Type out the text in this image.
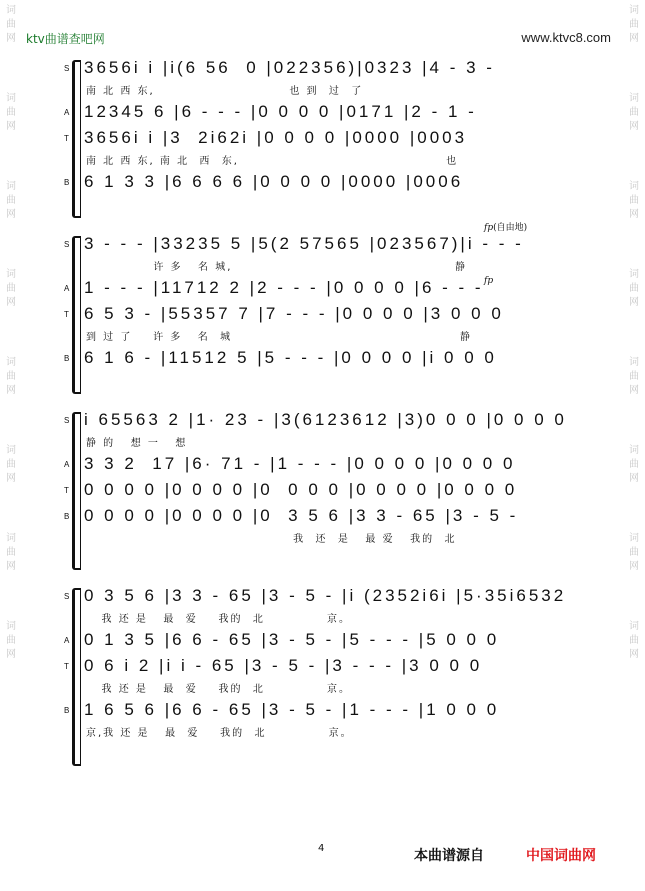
词
曲
网
词
曲
网
词
曲
网
词
曲
网
词
曲
网
词
曲
网
词
曲
网
词
曲
网
词
曲
网
词
曲
网
词
曲
网
词
曲
网
词
曲
网
词
曲
网
词
曲
网
词
曲
网
ktv曲谱查吧网	www.ktvc8.com
S 3656i i |i(6 56  0 |022356)|0323 |4 - 3 -
南 北 西 东,                          也 到  过  了
A 12345 6 |6 - - - |0 0 0 0 |0171 |2 - 1 -
T 3656i i |3  2i62i |0 0 0 0 |0000 |0003
南 北 西 东, 南 北  西  东,                                        也
B 6 1 3 3 |6 6 6 6 |0 0 0 0 |0000 |0006
fp(自由地)
S 3 - - - |33235 5 |5(2 57565 |023567)|i - - -
许 多   名 城,                                           静
fp
A 1 - - - |11712 2 |2 - - - |0 0 0 0 |6 - - -
T 6 5 3 - |55357 7 |7 - - - |0 0 0 0 |3 0 0 0
到 过 了    许 多   名  城                                            静
B 6 1 6 - |11512 5 |5 - - - |0 0 0 0 |i 0 0 0
S i 65563 2 |1· 23 - |3(6123612 |3)0 0 0 |0 0 0 0
静 的   想 一   想
A 3 3 2  17 |6· 71 - |1 - - - |0 0 0 0 |0 0 0 0
T 0 0 0 0 |0 0 0 0 |0  0 0 0 |0 0 0 0 |0 0 0 0
B 0 0 0 0 |0 0 0 0 |0  3 5 6 |3 3 - 65 |3 - 5 -
我  还  是   最 爱   我的  北
S 0 3 5 6 |3 3 - 65 |3 - 5 - |i (2352i6i |5·35i6532
我 还 是   最  爱    我的  北            京。
A 0 1 3 5 |6 6 - 65 |3 - 5 - |5 - - - |5 0 0 0
T 0 6 i 2 |i i - 65 |3 - 5 - |3 - - - |3 0 0 0
我 还 是   最  爱    我的  北            京。
B 1 6 5 6 |6 6 - 65 |3 - 5 - |1 - - - |1 0 0 0
京,我 还 是   最  爱    我的  北            京。
4	本曲谱源自	中国词曲网
